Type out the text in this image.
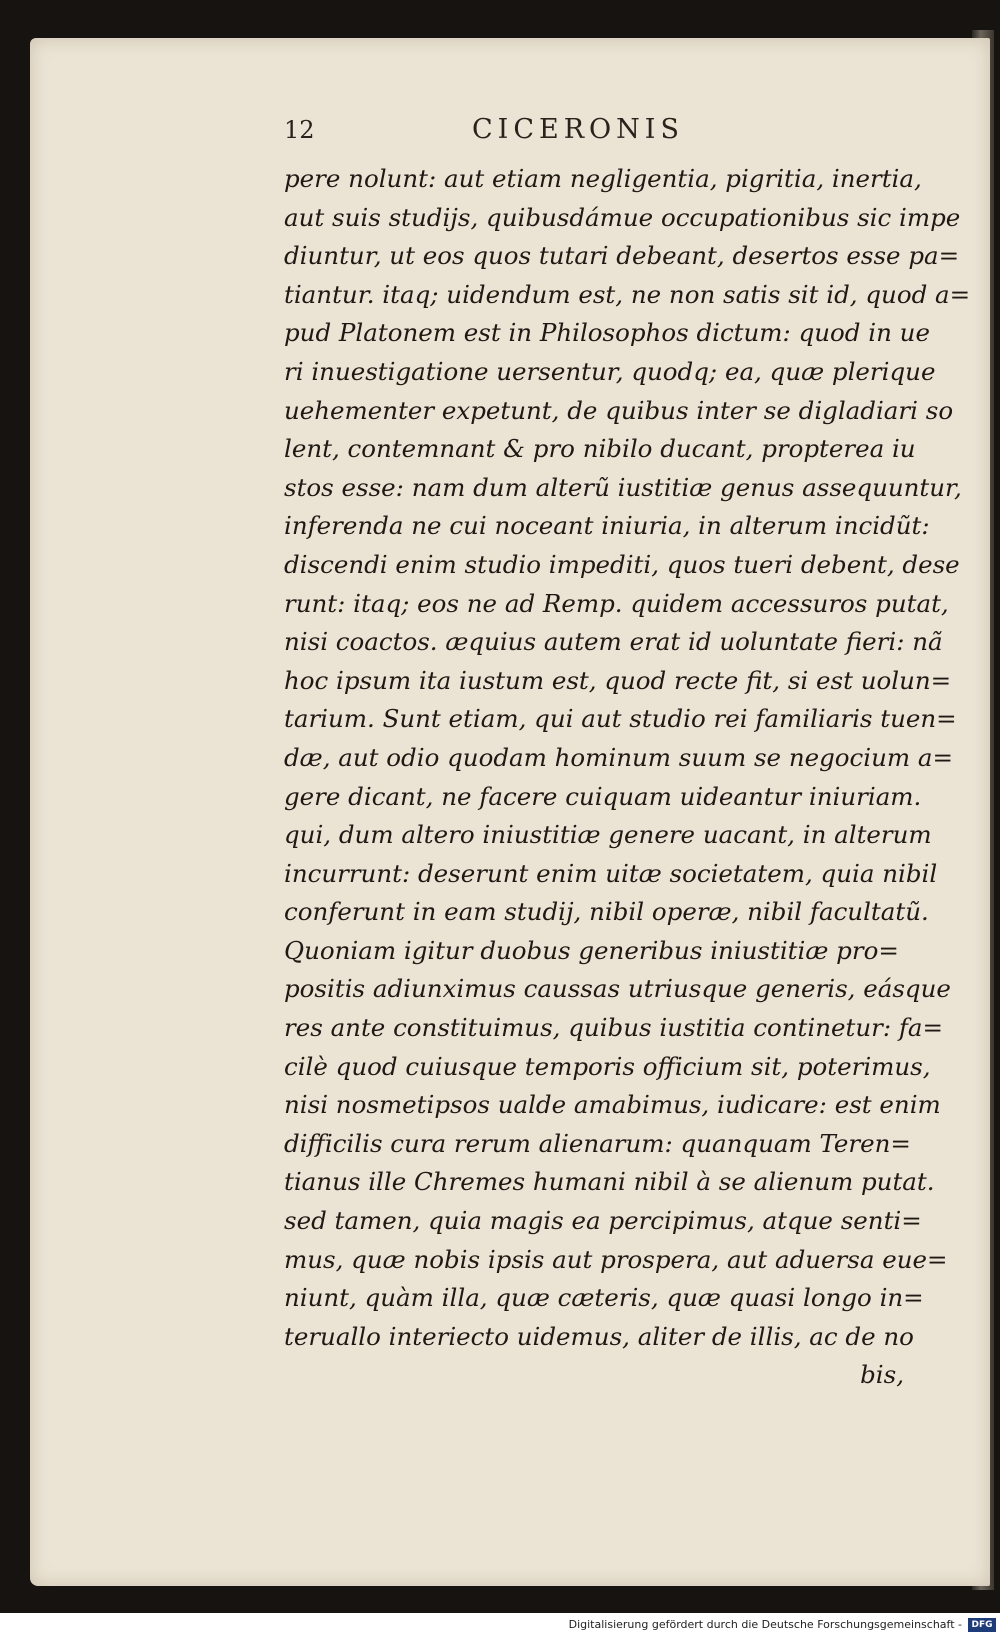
12	CICERONIS
pere nolunt: aut etiam negligentia, pigritia, inertia,
aut suis studijs, quibusdámue occupationibus sic impe
diuntur, ut eos quos tutari debeant, desertos esse pa=
tiantur. itaq; uidendum est, ne non satis sit id, quod a=
pud Platonem est in Philosophos dictum: quod in ue
ri inuestigatione uersentur, quodq; ea, quæ plerique
uehementer expetunt, de quibus inter se digladiari so
lent, contemnant & pro nibilo ducant, propterea iu
stos esse: nam dum alterũ iustitiæ genus assequuntur,
inferenda ne cui noceant iniuria, in alterum incidũt:
discendi enim studio impediti, quos tueri debent, dese
runt: itaq; eos ne ad Remp. quidem accessuros putat,
nisi coactos. æquius autem erat id uoluntate fieri: nã
hoc ipsum ita iustum est, quod recte fit, si est uolun=
tarium. Sunt etiam, qui aut studio rei familiaris tuen=
dæ, aut odio quodam hominum suum se negocium a=
gere dicant, ne facere cuiquam uideantur iniuriam.
qui, dum altero iniustitiæ genere uacant, in alterum
incurrunt: deserunt enim uitæ societatem, quia nibil
conferunt in eam studij, nibil operæ, nibil facultatũ.
Quoniam igitur duobus generibus iniustitiæ pro=
positis adiunximus caussas utriusque generis, eásque
res ante constituimus, quibus iustitia continetur: fa=
cilè quod cuiusque temporis officium sit, poterimus,
nisi nosmetipsos ualde amabimus, iudicare: est enim
difficilis cura rerum alienarum: quanquam Teren=
tianus ille Chremes humani nibil à se alienum putat.
sed tamen, quia magis ea percipimus, atque senti=
mus, quæ nobis ipsis aut prospera, aut aduersa eue=
niunt, quàm illa, quæ cæteris, quæ quasi longo in=
teruallo interiecto uidemus, aliter de illis, ac de no
bis,
Digitalisierung gefördert durch die Deutsche Forschungsgemeinschaft -	DFG
